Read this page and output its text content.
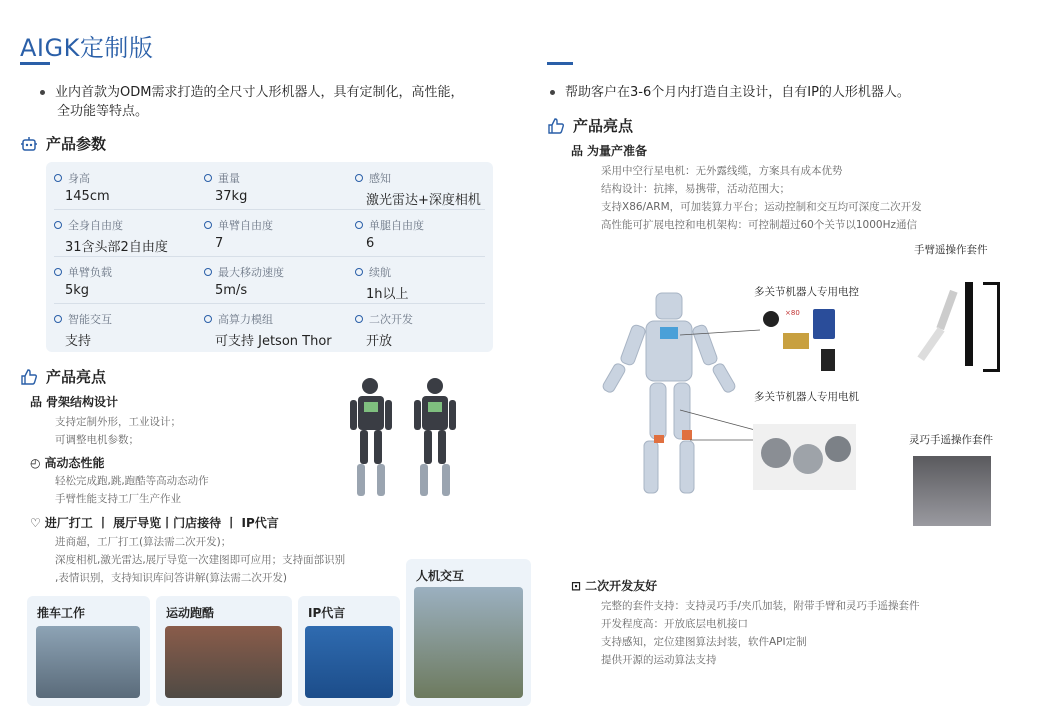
AIGK定制版
业内首款为ODM需求打造的全尺寸人形机器人，具有定制化，高性能，
全功能等特点。
帮助客户在3-6个月内打造自主设计，自有IP的人形机器人。
产品参数
身高
145cm
重量
37kg
感知
激光雷达+深度相机
全身自由度
31含头部2自由度
单臂自由度
7
单腿自由度
6
单臂负载
5kg
最大移动速度
5m/s
续航
1h以上
智能交互
支持
高算力模组
可支持 Jetson Thor
二次开发
开放
产品亮点
品 骨架结构设计
支持定制外形，工业设计；
可调整电机参数；
◴ 高动态性能
轻松完成跑,跳,跑酷等高动态动作
手臂性能支持工厂生产作业
♡ 进厂打工 丨 展厅导览丨门店接待 丨 IP代言
进商超，工厂打工(算法需二次开发)；
深度相机,激光雷达,展厅导览一次建图即可应用；支持面部识别
,表情识别，支持知识库问答讲解(算法需二次开发)
推车工作	运动跑酷	IP代言
人机交互
产品亮点
品 为量产准备
采用中空行星电机：无外露线缆，方案具有成本优势
结构设计：抗摔，易携带，活动范围大；
支持X86/ARM，可加装算力平台；运动控制和交互均可深度二次开发
高性能可扩展电控和电机架构：可控制超过60个关节以1000Hz通信
多关节机器人专用电控
×80
多关节机器人专用电机
手臂遥操作套件
灵巧手遥操作套件
⊡ 二次开发友好
完整的套件支持：支持灵巧手/夹爪加装，附带手臂和灵巧手遥操套件
开发程度高：开放底层电机接口
支持感知，定位建图算法封装，软件API定制
提供开源的运动算法支持
